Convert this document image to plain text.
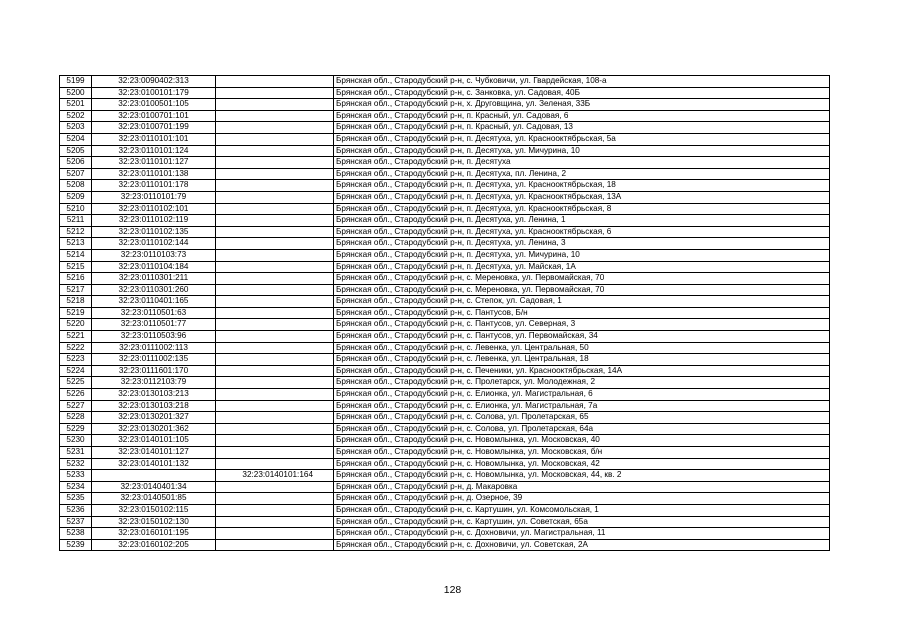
5199	32:23:0090402:313		Брянская обл., Стародубский р-н, с. Чубковичи, ул. Гвардейская, 108-а
5200	32:23:0100101:179		Брянская обл., Стародубский р-н, с. Занковка, ул. Садовая, 40Б
5201	32:23:0100501:105		Брянская обл., Стародубский р-н, х. Друговщина, ул. Зеленая, 33Б
5202	32:23:0100701:101		Брянская обл., Стародубский р-н, п. Красный, ул. Садовая, 6
5203	32:23:0100701:199		Брянская обл., Стародубский р-н, п. Красный, ул. Садовая, 13
5204	32:23:0110101:101		Брянская обл., Стародубский р-н, п. Десятуха, ул. Краснооктябрьская, 5а
5205	32:23:0110101:124		Брянская обл., Стародубский р-н, п. Десятуха, ул. Мичурина, 10
5206	32:23:0110101:127		Брянская обл., Стародубский р-н, п. Десятуха
5207	32:23:0110101:138		Брянская обл., Стародубский р-н, п. Десятуха, пл. Ленина, 2
5208	32:23:0110101:178		Брянская обл., Стародубский р-н, п. Десятуха, ул. Краснооктябрьская, 18
5209	32:23:0110101:79		Брянская обл., Стародубский р-н, п. Десятуха, ул. Краснооктябрьская, 13А
5210	32:23:0110102:101		Брянская обл., Стародубский р-н, п. Десятуха, ул. Краснооктябрьская, 8
5211	32:23:0110102:119		Брянская обл., Стародубский р-н, п. Десятуха, ул. Ленина, 1
5212	32:23:0110102:135		Брянская обл., Стародубский р-н, п. Десятуха, ул. Краснооктябрьская, 6
5213	32:23:0110102:144		Брянская обл., Стародубский р-н, п. Десятуха, ул. Ленина, 3
5214	32:23:0110103:73		Брянская обл., Стародубский р-н, п. Десятуха, ул. Мичурина, 10
5215	32:23:0110104:184		Брянская обл., Стародубский р-н, п. Десятуха, ул. Майская, 1А
5216	32:23:0110301:211		Брянская обл., Стародубский р-н, с. Мереновка, ул. Первомайская, 70
5217	32:23:0110301:260		Брянская обл., Стародубский р-н, с. Мереновка, ул. Первомайская, 70
5218	32:23:0110401:165		Брянская обл., Стародубский р-н, с. Степок, ул. Садовая, 1
5219	32:23:0110501:63		Брянская обл., Стародубский р-н, с. Пантусов, Б/н
5220	32:23:0110501:77		Брянская обл., Стародубский р-н, с. Пантусов, ул. Северная, 3
5221	32:23:0110503:96		Брянская обл., Стародубский р-н, с. Пантусов, ул. Первомайская, 34
5222	32:23:0111002:113		Брянская обл., Стародубский р-н, с. Левенка, ул. Центральная, 50
5223	32:23:0111002:135		Брянская обл., Стародубский р-н, с. Левенка, ул. Центральная, 18
5224	32:23:0111601:170		Брянская обл., Стародубский р-н, с. Печеники, ул. Краснооктябрьская, 14А
5225	32:23:0112103:79		Брянская обл., Стародубский р-н, с. Пролетарск, ул. Молодежная, 2
5226	32:23:0130103:213		Брянская обл., Стародубский р-н, с. Елионка, ул. Магистральная, 6
5227	32:23:0130103:218		Брянская обл., Стародубский р-н, с. Елионка, ул. Магистральная, 7а
5228	32:23:0130201:327		Брянская обл., Стародубский р-н, с. Солова, ул. Пролетарская, 65
5229	32:23:0130201:362		Брянская обл., Стародубский р-н, с. Солова, ул. Пролетарская, 64а
5230	32:23:0140101:105		Брянская обл., Стародубский р-н, с. Новомлынка, ул. Московская, 40
5231	32:23:0140101:127		Брянская обл., Стародубский р-н, с. Новомлынка, ул. Московская, б/н
5232	32:23:0140101:132		Брянская обл., Стародубский р-н, с. Новомлынка, ул. Московская, 42
5233		32:23:0140101:164	Брянская обл., Стародубский р-н, с. Новомлынка, ул. Московская, 44, кв. 2
5234	32:23:0140401:34		Брянская обл., Стародубский р-н, д. Макаровка
5235	32:23:0140501:85		Брянская обл., Стародубский р-н, д. Озерное, 39
5236	32:23:0150102:115		Брянская обл., Стародубский р-н, с. Картушин, ул. Комсомольская, 1
5237	32:23:0150102:130		Брянская обл., Стародубский р-н, с. Картушин, ул. Советская, 65а
5238	32:23:0160101:195		Брянская обл., Стародубский р-н, с. Дохновичи, ул. Магистральная, 11
5239	32:23:0160102:205		Брянская обл., Стародубский р-н, с. Дохновичи, ул. Советская, 2А
128
